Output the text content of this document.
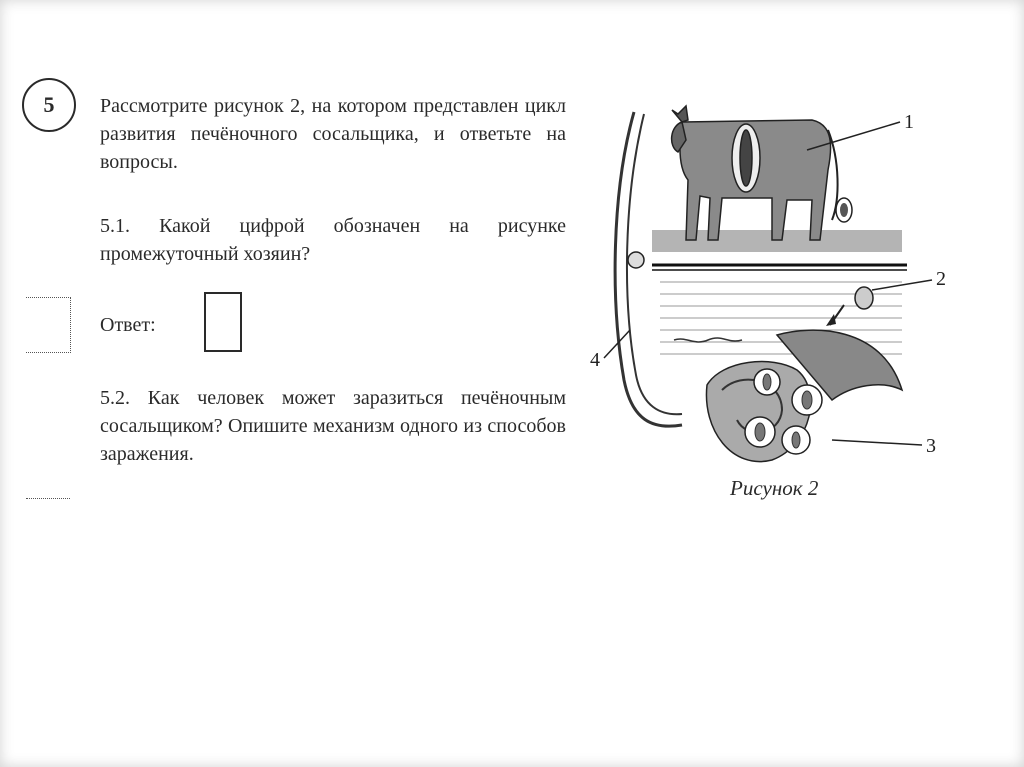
5 Рассмотрите рисунок 2, на котором представлен цикл развития печёночного сосальщика, и ответьте на вопросы.
5.1. Какой цифрой обозначен на рисунке промежуточный хозяин?
Ответ:
5.2. Как человек может заразиться печёночным сосальщиком? Опишите механизм одного из способов заражения.
1
2
3
4
Рисунок 2
